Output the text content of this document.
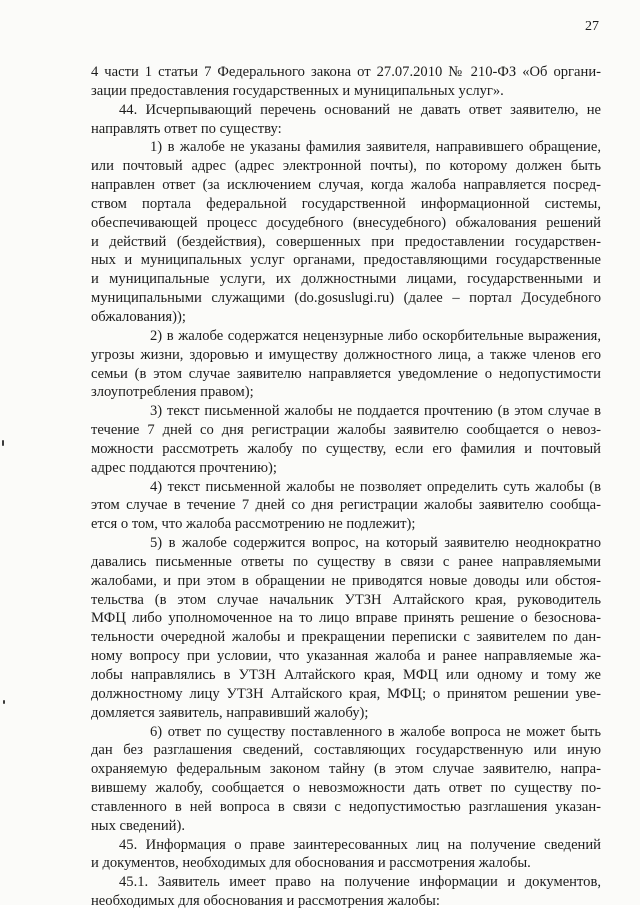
27
4 части 1 статьи 7 Федерального закона от 27.07.2010 № 210-ФЗ «Об органи-
зации предоставления государственных и муниципальных услуг».
44. Исчерпывающий перечень оснований не давать ответ заявителю, не
направлять ответ по существу:
1) в жалобе не указаны фамилия заявителя, направившего обращение,
или почтовый адрес (адрес электронной почты), по которому должен быть
направлен ответ (за исключением случая, когда жалоба направляется посред-
ством портала федеральной государственной информационной системы,
обеспечивающей процесс досудебного (внесудебного) обжалования решений
и действий (бездействия), совершенных при предоставлении государствен-
ных и муниципальных услуг органами, предоставляющими государственные
и муниципальные услуги, их должностными лицами, государственными и
муниципальными служащими (do.gosuslugi.ru) (далее – портал Досудебного
обжалования));
2) в жалобе содержатся нецензурные либо оскорбительные выражения,
угрозы жизни, здоровью и имуществу должностного лица, а также членов его
семьи (в этом случае заявителю направляется уведомление о недопустимости
злоупотребления правом);
3) текст письменной жалобы не поддается прочтению (в этом случае в
течение 7 дней со дня регистрации жалобы заявителю сообщается о невоз-
можности рассмотреть жалобу по существу, если его фамилия и почтовый
адрес поддаются прочтению);
4) текст письменной жалобы не позволяет определить суть жалобы (в
этом случае в течение 7 дней со дня регистрации жалобы заявителю сообща-
ется о том, что жалоба рассмотрению не подлежит);
5) в жалобе содержится вопрос, на который заявителю неоднократно
давались письменные ответы по существу в связи с ранее направляемыми
жалобами, и при этом в обращении не приводятся новые доводы или обстоя-
тельства (в этом случае начальник УТЗН Алтайского края, руководитель
МФЦ либо уполномоченное на то лицо вправе принять решение о безоснова-
тельности очередной жалобы и прекращении переписки с заявителем по дан-
ному вопросу при условии, что указанная жалоба и ранее направляемые жа-
лобы направлялись в УТЗН Алтайского края, МФЦ или одному и тому же
должностному лицу УТЗН Алтайского края, МФЦ; о принятом решении уве-
домляется заявитель, направивший жалобу);
6) ответ по существу поставленного в жалобе вопроса не может быть
дан без разглашения сведений, составляющих государственную или иную
охраняемую федеральным законом тайну (в этом случае заявителю, напра-
вившему жалобу, сообщается о невозможности дать ответ по существу по-
ставленного в ней вопроса в связи с недопустимостью разглашения указан-
ных сведений).
45. Информация о праве заинтересованных лиц на получение сведений
и документов, необходимых для обоснования и рассмотрения жалобы.
45.1. Заявитель имеет право на получение информации и документов,
необходимых для обоснования и рассмотрения жалобы:
